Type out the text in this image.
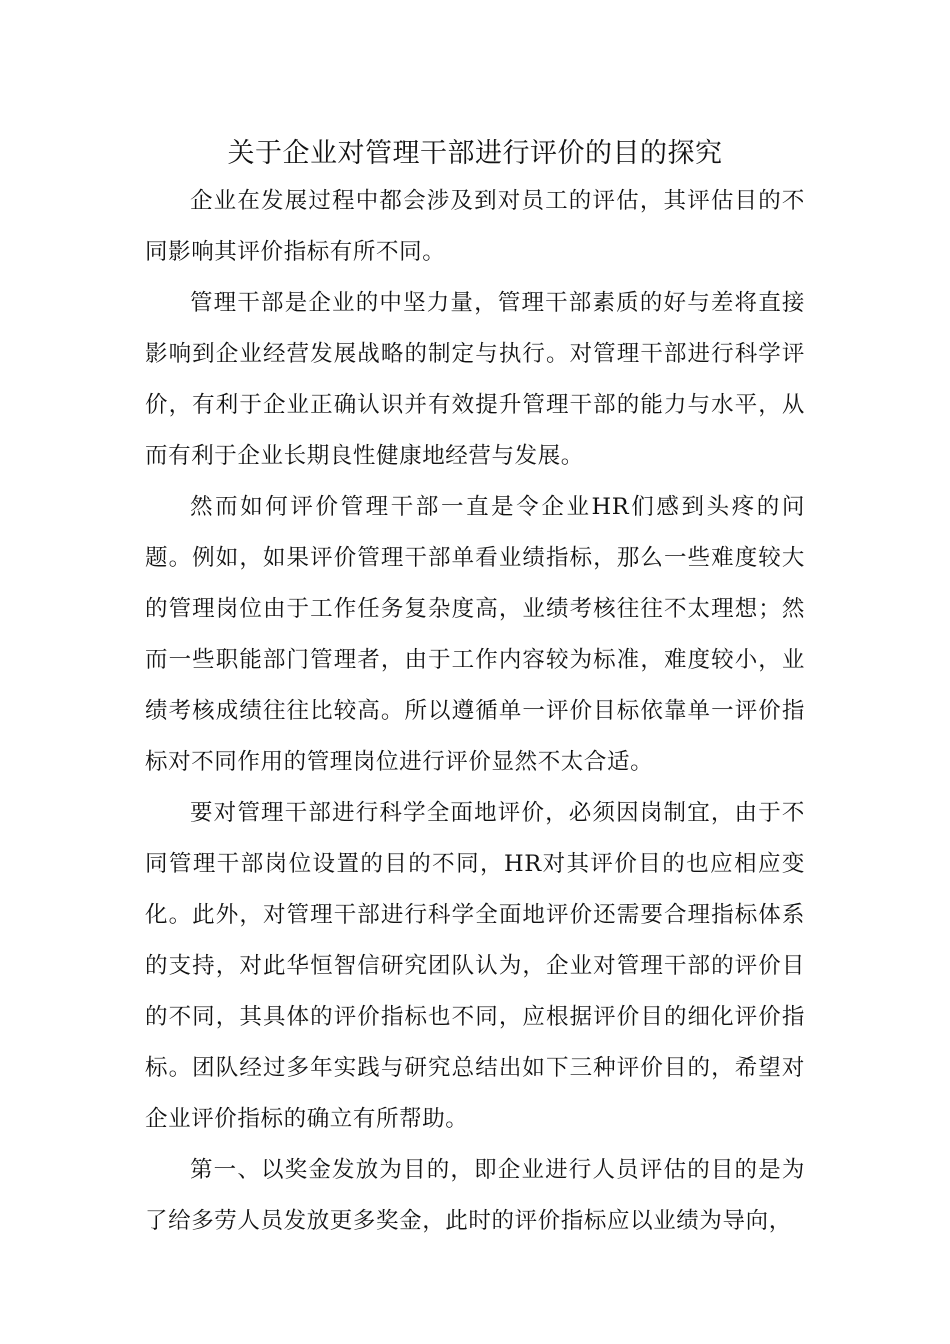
关于企业对管理干部进行评价的目的探究

企业在发展过程中都会涉及到对员工的评估，其评估目的不同影响其评价指标有所不同。

管理干部是企业的中坚力量，管理干部素质的好与差将直接影响到企业经营发展战略的制定与执行。对管理干部进行科学评价，有利于企业正确认识并有效提升管理干部的能力与水平，从而有利于企业长期良性健康地经营与发展。

然而如何评价管理干部一直是令企业HR们感到头疼的问题。例如，如果评价管理干部单看业绩指标，那么一些难度较大的管理岗位由于工作任务复杂度高，业绩考核往往不太理想；然而一些职能部门管理者，由于工作内容较为标准，难度较小，业绩考核成绩往往比较高。所以遵循单一评价目标依靠单一评价指标对不同作用的管理岗位进行评价显然不太合适。

要对管理干部进行科学全面地评价，必须因岗制宜，由于不同管理干部岗位设置的目的不同，HR对其评价目的也应相应变化。此外，对管理干部进行科学全面地评价还需要合理指标体系的支持，对此华恒智信研究团队认为，企业对管理干部的评价目的不同，其具体的评价指标也不同，应根据评价目的细化评价指标。团队经过多年实践与研究总结出如下三种评价目的，希望对企业评价指标的确立有所帮助。

第一、以奖金发放为目的，即企业进行人员评估的目的是为了给多劳人员发放更多奖金，此时的评价指标应以业绩为导向，
